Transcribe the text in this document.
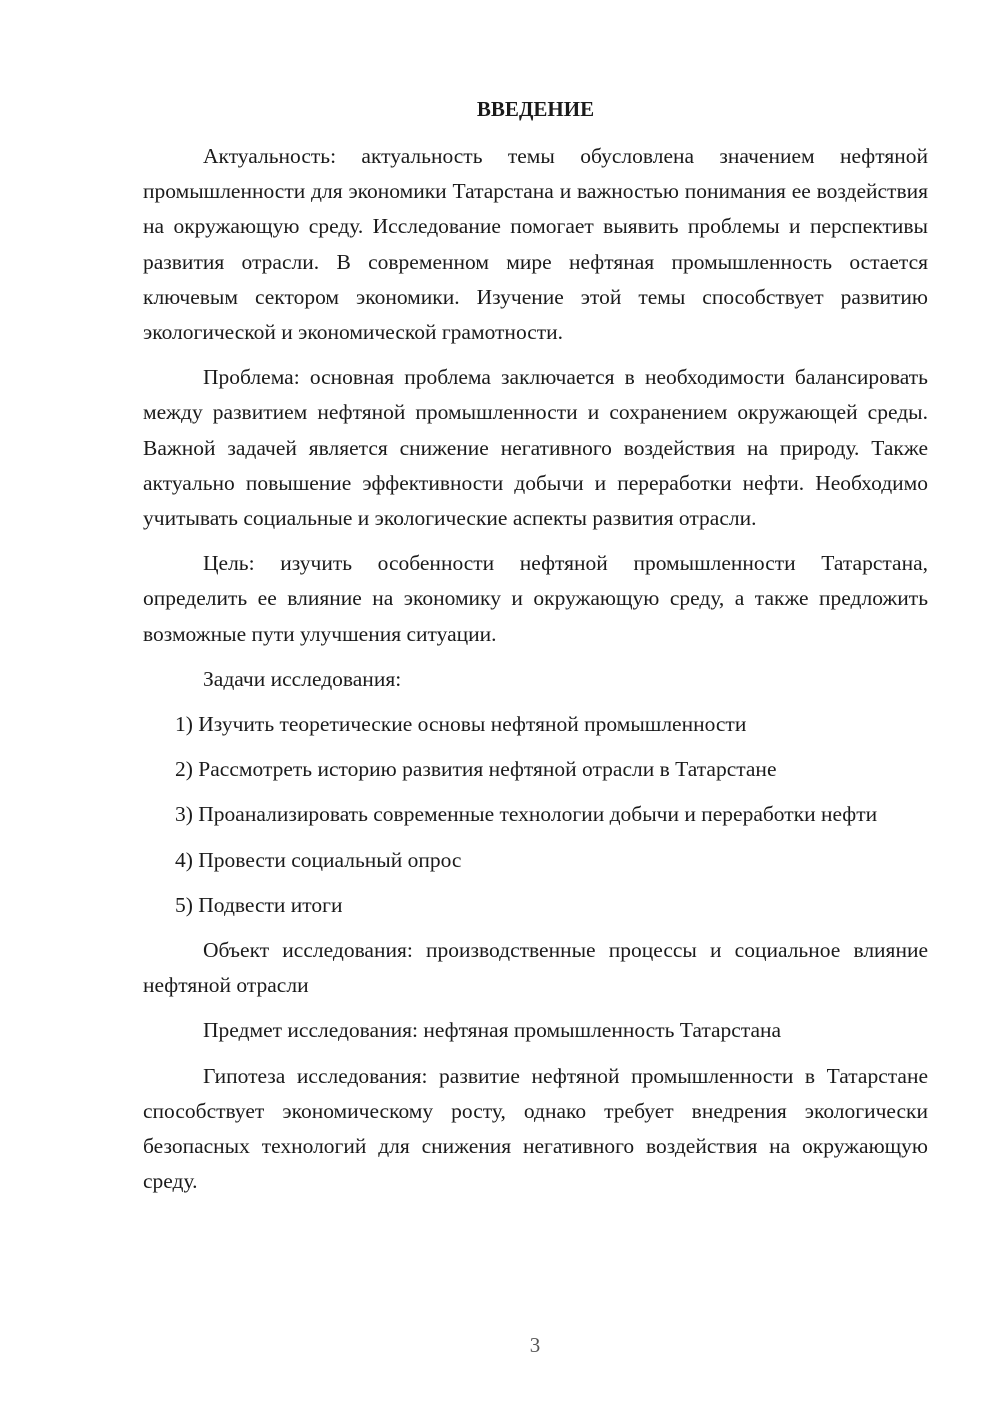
ВВЕДЕНИЕ

Актуальность: актуальность темы обусловлена значением нефтяной промышленности для экономики Татарстана и важностью понимания ее воздействия на окружающую среду. Исследование помогает выявить проблемы и перспективы развития отрасли. В современном мире нефтяная промышленность остается ключевым сектором экономики. Изучение этой темы способствует развитию экологической и экономической грамотности.

Проблема: основная проблема заключается в необходимости балансировать между развитием нефтяной промышленности и сохранением окружающей среды. Важной задачей является снижение негативного воздействия на природу. Также актуально повышение эффективности добычи и переработки нефти. Необходимо учитывать социальные и экологические аспекты развития отрасли.

Цель: изучить особенности нефтяной промышленности Татарстана, определить ее влияние на экономику и окружающую среду, а также предложить возможные пути улучшения ситуации.

Задачи исследования:

1) Изучить теоретические основы нефтяной промышленности

2) Рассмотреть историю развития нефтяной отрасли в Татарстане

3) Проанализировать современные технологии добычи и переработки нефти

4) Провести социальный опрос

5) Подвести итоги

Объект исследования: производственные процессы и социальное влияние нефтяной отрасли

Предмет исследования: нефтяная промышленность Татарстана

Гипотеза исследования: развитие нефтяной промышленности в Татарстане способствует экономическому росту, однако требует внедрения экологически безопасных технологий для снижения негативного воздействия на окружающую среду.

3
